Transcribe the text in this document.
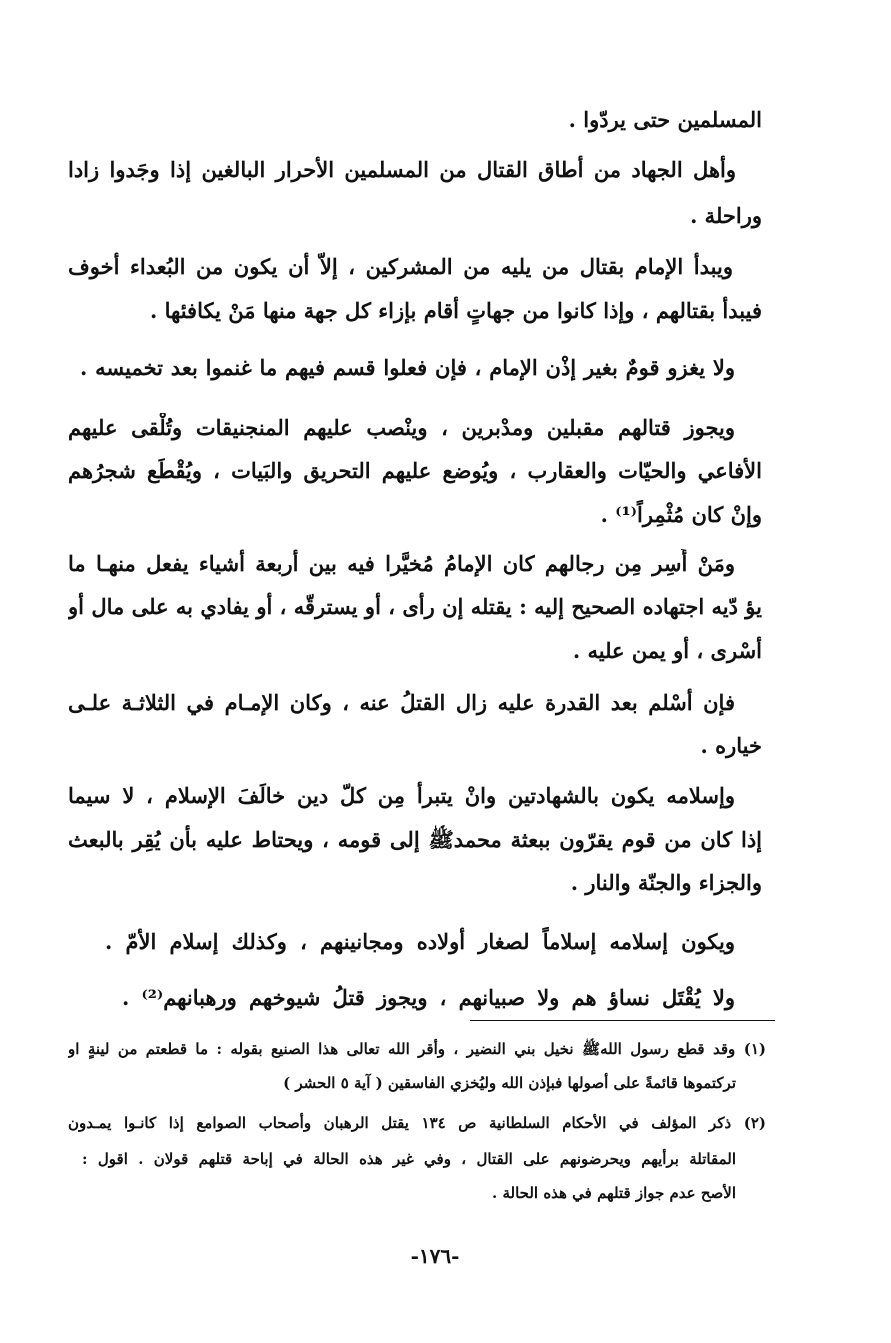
المسلمين حتى يردّوا .
وأهل الجهاد من أطاق القتال من المسلمين الأحرار البالغين إذا وجَدوا زادا
وراحلة .
ويبدأ الإمام بقتال من يليه من المشركين ، إلاّ أن يكون من البُعداء أخوف
فيبدأ بقتالهم ، وإذا كانوا من جهاتٍ أقام بإزاء كل جهة منها مَنْ يكافئها .
ولا يغزو قومٌ بغير إذْن الإمام ، فإن فعلوا قسم فيهم ما غنموا بعد تخميسه .
ويجوز قتالهم مقبلين ومدْبرين ، وينْصب عليهم المنجنيقات وتُلْقى عليهم
الأفاعي والحيّات والعقارب ، ويُوضع عليهم التحريق والبَيات ، ويُقْطَع شجرُهم
وإنْ كان مُثْمِراً⁽¹⁾ .
ومَنْ أُسِر مِن رجالهم كان الإمامُ مُخيَّرا فيه بين أربعة أشياء يفعل منهـا ما
يؤ دّيه اجتهاده الصحيح إليه : يقتله إن رأى ، أو يسترقّه ، أو يفادي به على مال أو
أسْرى ، أو يمن عليه .
فإن أسْلم بعد القدرة عليه زال القتلُ عنه ، وكان الإمـام في الثلاثـة علـى
خياره .
وإسلامه يكون بالشهادتين وانْ يتبرأ مِن كلّ دين خالَفَ الإسلام ، لا سيما
إذا كان من قوم يقرّون ببعثة محمدﷺ إلى قومه ، ويحتاط عليه بأن يُقِر بالبعث
والجزاء والجنّة والنار .
ويكون إسلامه إسلاماً لصغار أولاده ومجانينهم ، وكذلك إسلام الأمّ .
ولا يُقْتَل نساؤ هم ولا صبيانهم ، ويجوز قتلُ شيوخهم ورهبانهم⁽²⁾ .
(١) وقد قطع رسول اللهﷺ نخيل بني النضير ، وأقر الله تعالى هذا الصنيع بقوله : ما قطعتم من لينةٍ او
تركتموها قائمةً على أصولها فبإذن الله وليُخزي الفاسقين ( آية ٥ الحشر )
(٢) ذكر المؤلف في الأحكام السلطانية ص ١٣٤ يقتل الرهبان وأصحاب الصوامع إذا كانـوا يمـدون
المقاتلة برأيهم ويحرضونهم على القتال ، وفي غير هذه الحالة في إباحة قتلهم قولان . اقول :
الأصح عدم جواز قتلهم في هذه الحالة .
-١٧٦-
